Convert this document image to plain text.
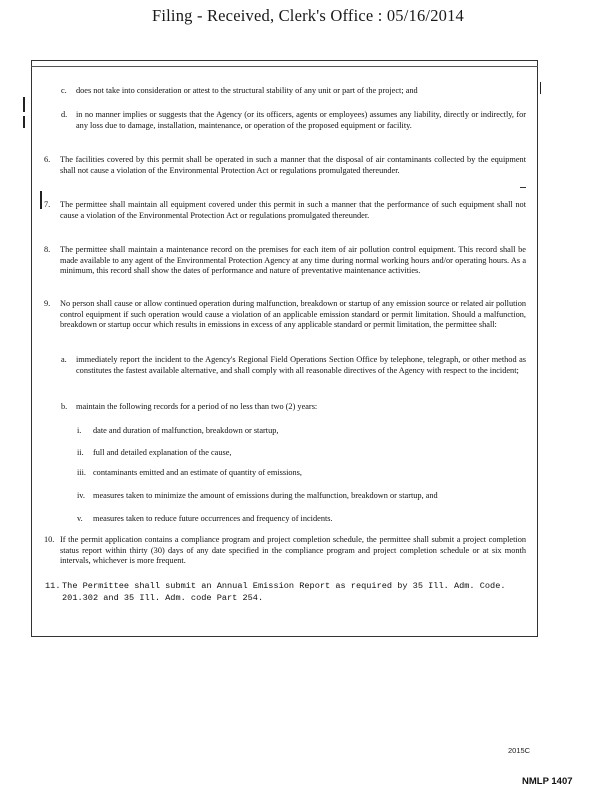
Filing - Received, Clerk's Office : 05/16/2014
c. does not take into consideration or attest to the structural stability of any unit or part of the project; and
d. in no manner implies or suggests that the Agency (or its officers, agents or employees) assumes any liability, directly or indirectly, for any loss due to damage, installation, maintenance, or operation of the proposed equipment or facility.
6. The facilities covered by this permit shall be operated in such a manner that the disposal of air contaminants collected by the equipment shall not cause a violation of the Environmental Protection Act or regulations promulgated thereunder.
7. The permittee shall maintain all equipment covered under this permit in such a manner that the performance of such equipment shall not cause a violation of the Environmental Protection Act or regulations promulgated thereunder.
8. The permittee shall maintain a maintenance record on the premises for each item of air pollution control equipment. This record shall be made available to any agent of the Environmental Protection Agency at any time during normal working hours and/or operating hours. As a minimum, this record shall show the dates of performance and nature of preventative maintenance activities.
9. No person shall cause or allow continued operation during malfunction, breakdown or startup of any emission source or related air pollution control equipment if such operation would cause a violation of an applicable emission standard or permit limitation. Should a malfunction, breakdown or startup occur which results in emissions in excess of any applicable standard or permit limitation, the permittee shall:
a. immediately report the incident to the Agency's Regional Field Operations Section Office by telephone, telegraph, or other method as constitutes the fastest available alternative, and shall comply with all reasonable directives of the Agency with respect to the incident;
b. maintain the following records for a period of no less than two (2) years:
i. date and duration of malfunction, breakdown or startup,
ii. full and detailed explanation of the cause,
iii. contaminants emitted and an estimate of quantity of emissions,
iv. measures taken to minimize the amount of emissions during the malfunction, breakdown or startup, and
v. measures taken to reduce future occurrences and frequency of incidents.
10. If the permit application contains a compliance program and project completion schedule, the permittee shall submit a project completion status report within thirty (30) days of any date specified in the compliance program and project completion schedule or at six month intervals, whichever is more frequent.
11. The Permittee shall submit an Annual Emission Report as required by 35 Ill. Adm. Code. 201.302 and 35 Ill. Adm. code Part 254.
2015C
NMLP 1407
